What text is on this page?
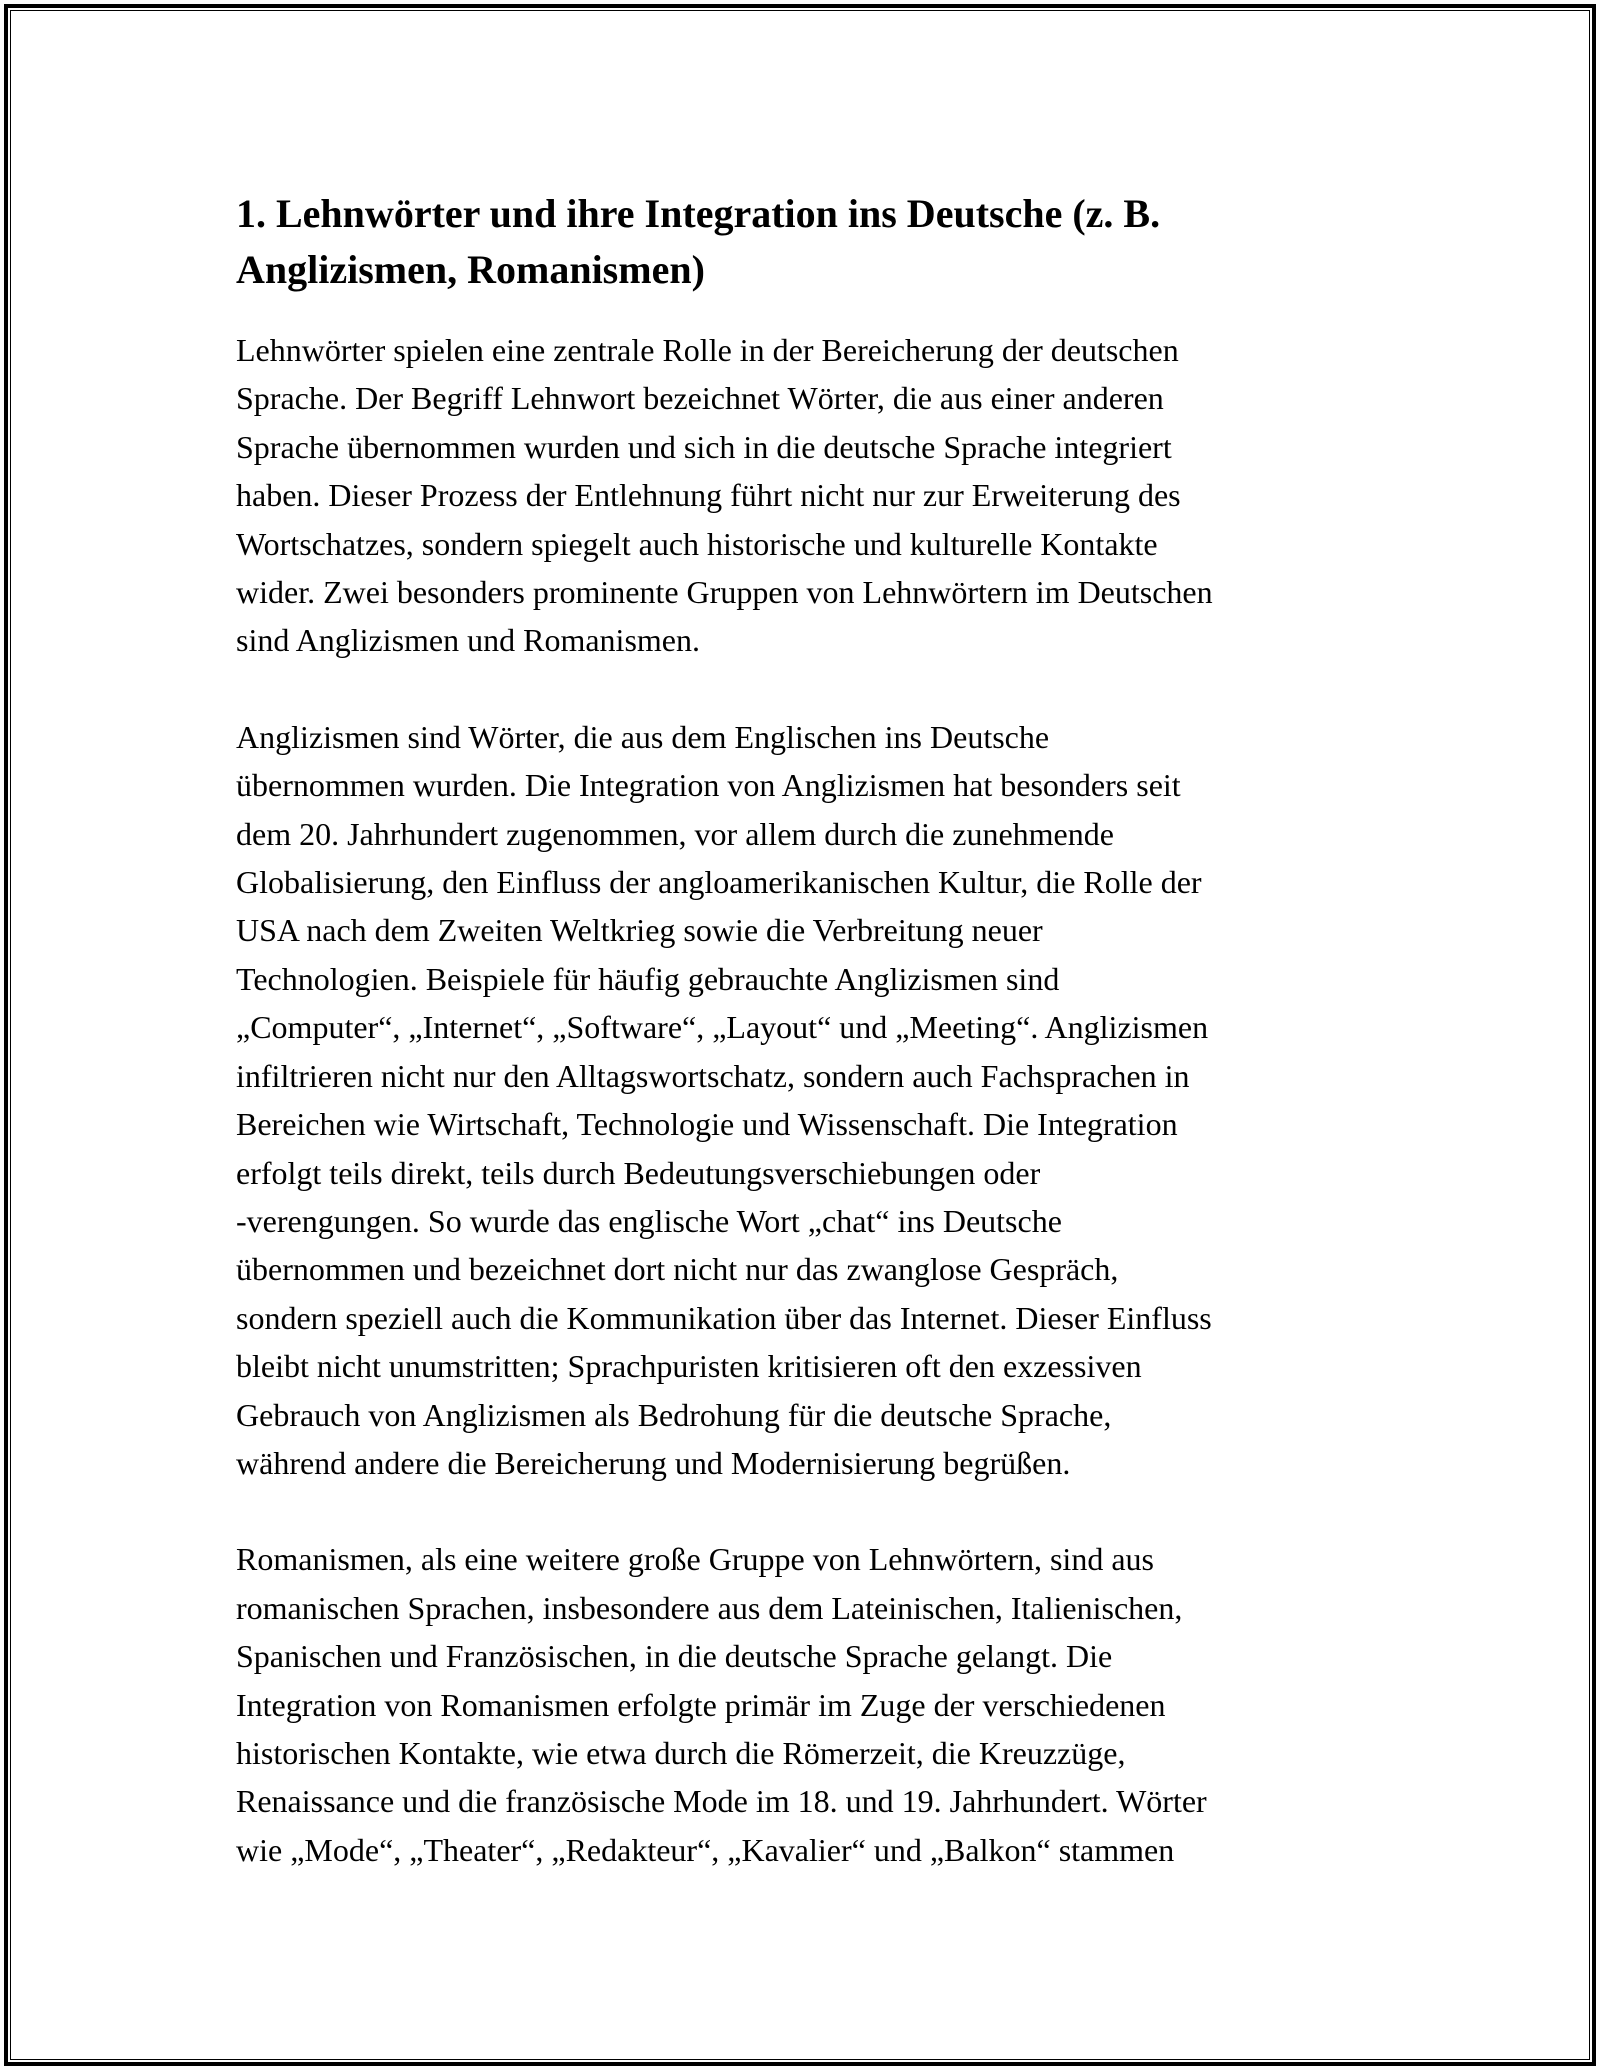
1. Lehnwörter und ihre Integration ins Deutsche (z. B.
Anglizismen, Romanismen)

Lehnwörter spielen eine zentrale Rolle in der Bereicherung der deutschen
Sprache. Der Begriff Lehnwort bezeichnet Wörter, die aus einer anderen
Sprache übernommen wurden und sich in die deutsche Sprache integriert
haben. Dieser Prozess der Entlehnung führt nicht nur zur Erweiterung des
Wortschatzes, sondern spiegelt auch historische und kulturelle Kontakte
wider. Zwei besonders prominente Gruppen von Lehnwörtern im Deutschen
sind Anglizismen und Romanismen.

Anglizismen sind Wörter, die aus dem Englischen ins Deutsche
übernommen wurden. Die Integration von Anglizismen hat besonders seit
dem 20. Jahrhundert zugenommen, vor allem durch die zunehmende
Globalisierung, den Einfluss der angloamerikanischen Kultur, die Rolle der
USA nach dem Zweiten Weltkrieg sowie die Verbreitung neuer
Technologien. Beispiele für häufig gebrauchte Anglizismen sind
„Computer“, „Internet“, „Software“, „Layout“ und „Meeting“. Anglizismen
infiltrieren nicht nur den Alltagswortschatz, sondern auch Fachsprachen in
Bereichen wie Wirtschaft, Technologie und Wissenschaft. Die Integration
erfolgt teils direkt, teils durch Bedeutungsverschiebungen oder
-verengungen. So wurde das englische Wort „chat“ ins Deutsche
übernommen und bezeichnet dort nicht nur das zwanglose Gespräch,
sondern speziell auch die Kommunikation über das Internet. Dieser Einfluss
bleibt nicht unumstritten; Sprachpuristen kritisieren oft den exzessiven
Gebrauch von Anglizismen als Bedrohung für die deutsche Sprache,
während andere die Bereicherung und Modernisierung begrüßen.

Romanismen, als eine weitere große Gruppe von Lehnwörtern, sind aus
romanischen Sprachen, insbesondere aus dem Lateinischen, Italienischen,
Spanischen und Französischen, in die deutsche Sprache gelangt. Die
Integration von Romanismen erfolgte primär im Zuge der verschiedenen
historischen Kontakte, wie etwa durch die Römerzeit, die Kreuzzüge,
Renaissance und die französische Mode im 18. und 19. Jahrhundert. Wörter
wie „Mode“, „Theater“, „Redakteur“, „Kavalier“ und „Balkon“ stammen
